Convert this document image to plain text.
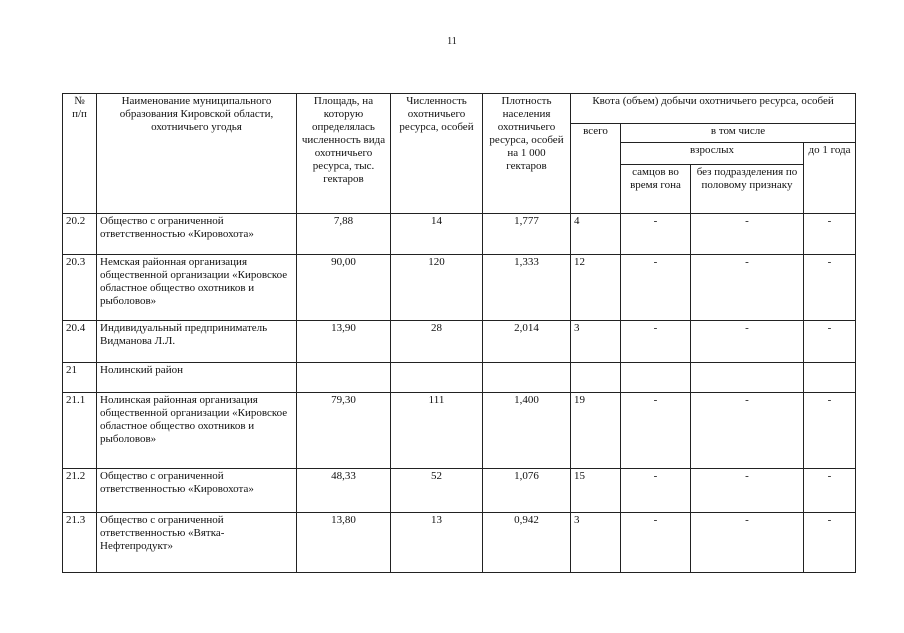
11
№
п/п	Наименование муниципального образования Кировской области, охотничьего угодья	Площадь, на которую определялась численность вида охотничьего ресурса, тыс. гектаров	Численность охотничьего ресурса, особей	Плотность населения охотничьего ресурса, особей на 1 000 гектаров	Квота (объем) добычи охотничьего ресурса, особей			
					всего	в том числе		
						взрослых		до 1 года
						самцов во время гона	без подразделения по половому признаку	
20.2	Общество с ограниченной ответственностью «Кировохота»	7,88	14	1,777	4	-	-	-
20.3	Немская районная организация общественной организации «Кировское областное общество охотников и рыболовов»	90,00	120	1,333	12	-	-	-
20.4	Индивидуальный предприниматель Видманова Л.Л.	13,90	28	2,014	3	-	-	-
21	Нолинский район							
21.1	Нолинская районная организация общественной организации «Кировское областное общество охотников и рыболовов»	79,30	111	1,400	19	-	-	-
21.2	Общество с ограниченной ответственностью «Кировохота»	48,33	52	1,076	15	-	-	-
21.3	Общество с ограниченной ответственностью «Вятка-Нефтепродукт»	13,80	13	0,942	3	-	-	-
